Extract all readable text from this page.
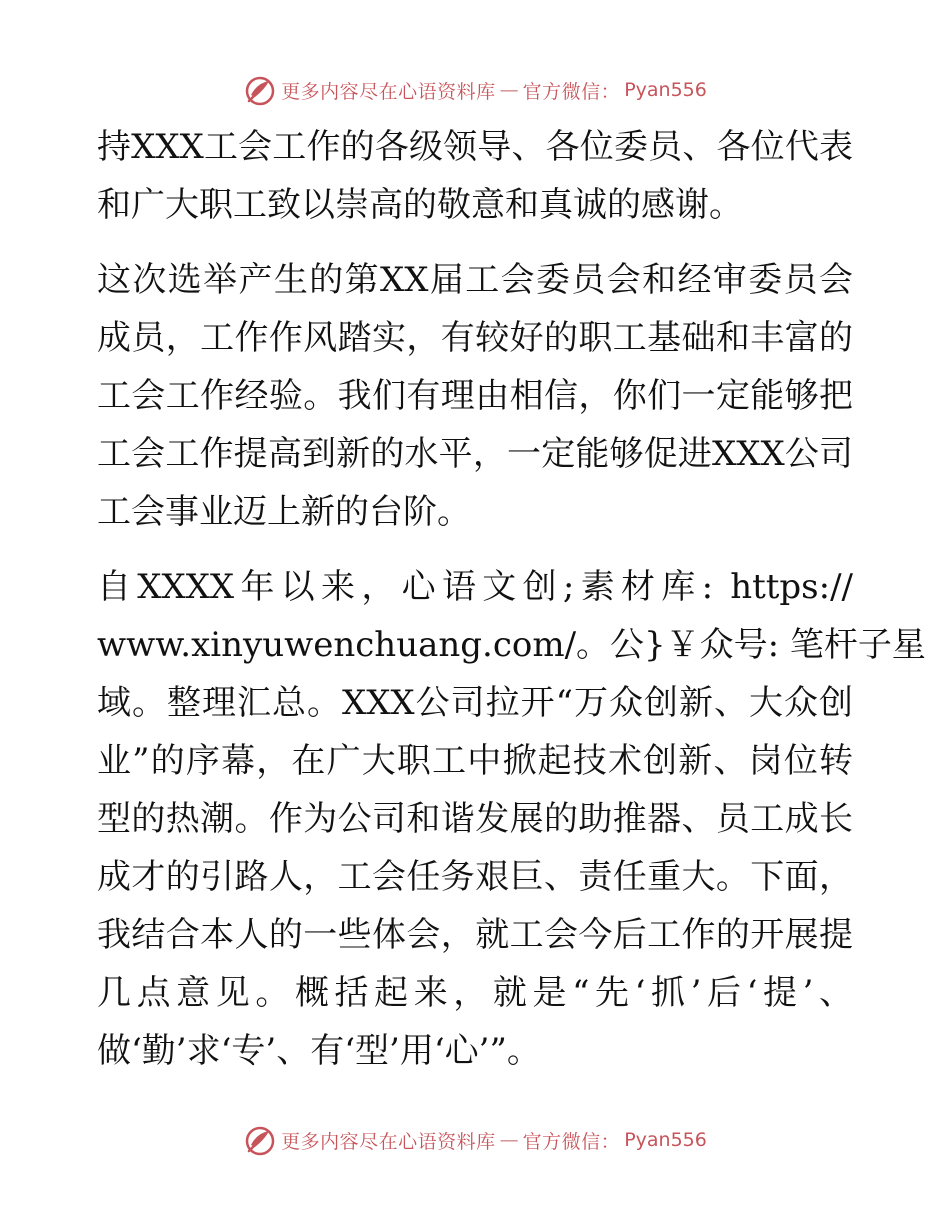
更多内容尽在心语资料库 — 官方微信： Pyan556
持XXX工会工作的各级领导、各位委员、各位代表
和广大职工致以崇高的敬意和真诚的感谢。
这次选举产生的第XX届工会委员会和经审委员会
成员，工作作风踏实，有较好的职工基础和丰富的
工会工作经验。我们有理由相信，你们一定能够把
工会工作提高到新的水平，一定能够促进XXX公司
工会事业迈上新的台阶。
自XXXX年以来，心语文创;素材库: https://
www.xinyuwenchuang.com/。公}￥众号: 笔杆子星
域。整理汇总。XXX公司拉开“万众创新、大众创
业”的序幕，在广大职工中掀起技术创新、岗位转
型的热潮。作为公司和谐发展的助推器、员工成长
成才的引路人，工会任务艰巨、责任重大。下面，
我结合本人的一些体会，就工会今后工作的开展提
几点意见。概括起来，就是“先‘抓’后‘提’、
做‘勤’求‘专’、有‘型’用‘心’”。
更多内容尽在心语资料库 — 官方微信： Pyan556
